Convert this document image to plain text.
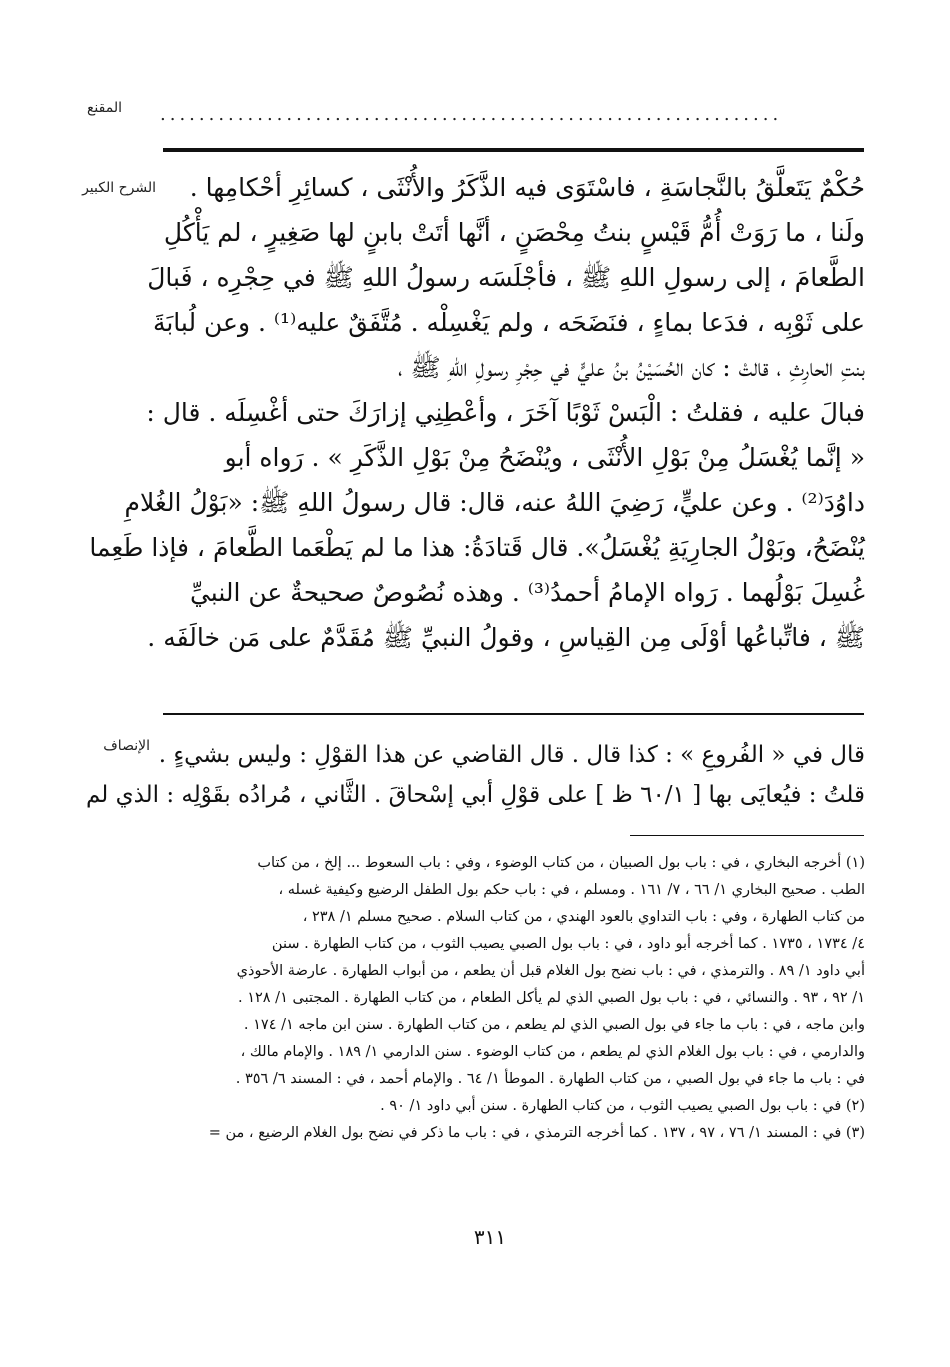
المقنع ................................................................
الشرح الكبير	حُكْمٌ يَتَعلَّقُ بالنَّجاسَةِ ، فاسْتَوَى فيه الذَّكَرُ والأُنْثَى ، كسائِرِ أحْكامِها .
ولَنا ، ما رَوَتْ أُمُّ قَيْسٍ بنتُ مِحْصَنٍ ، أنَّها أتَتْ بابنٍ لها صَغِيرٍ ، لم يَأْكُلِ
الطَّعامَ ، إلى رسولِ اللهِ ﷺ ، فأجْلَسَه رسولُ اللهِ ﷺ في حِجْرِه ، فَبالَ
على ثَوْبِه ، فدَعا بماءٍ ، فنَضَحَه ، ولم يَغْسِلْه . مُتَّفَقٌ عليه⁽¹⁾ . وعن لُبابَةَ
بنتِ الحارِثِ ، قالتْ : كان الحُسَيْنُ بنُ عليٍّ في حِجْرِ رسولِ اللهِ ﷺ ،
فبالَ عليه ، فقلتُ : الْبَسْ ثَوْبًا آخَرَ ، وأعْطِنِي إزارَكَ حتى أغْسِلَه . قال :
« إنَّما يُغْسَلُ مِنْ بَوْلِ الأُنْثَى ، ويُنْضَحُ مِنْ بَوْلِ الذَّكَرِ » . رَواه أبو
داوُدَ⁽²⁾ . وعن عليٍّ، رَضِيَ اللهُ عنه، قال: قال رسولُ اللهِ ﷺ: «بَوْلُ الغُلامِ
يُنْضَحُ، وبَوْلُ الجارِيَةِ يُغْسَلُ». قال قَتادَةُ: هذا ما لم يَطْعَما الطَّعامَ ، فإذا طَعِما
غُسِلَ بَوْلُهما . رَواه الإمامُ أحمدُ⁽³⁾ . وهذه نُصُوصٌ صحيحةٌ عن النبيِّ
ﷺ ، فاتِّباعُها أوْلَى مِن القِياسِ ، وقولُ النبيِّ ﷺ مُقَدَّمٌ على مَن خالَفَه .
الإنصاف قال في « الفُروعِ » : كذا قال . قال القاضي عن هذا القوْلِ : وليس بشيءٍ .
قلتُ : فيُعايَى بها [ ٦٠/١ ظ ] على قوْلِ أبي إسْحاقَ . الثَّاني ، مُرادُه بقَوْلِه : الذي لم
(١) أخرجه البخاري ، في : باب بول الصبيان ، من كتاب الوضوء ، وفي : باب السعوط ... إلخ ، من كتاب
الطب . صحيح البخاري ١/ ٦٦ ، ٧/ ١٦١ . ومسلم ، في : باب حكم بول الطفل الرضيع وكيفية غسله ،
من كتاب الطهارة ، وفي : باب التداوي بالعود الهندي ، من كتاب السلام . صحيح مسلم ١/ ٢٣٨ ،
٤/ ١٧٣٤ ، ١٧٣٥ . كما أخرجه أبو داود ، في : باب بول الصبي يصيب الثوب ، من كتاب الطهارة . سنن
أبي داود ١/ ٨٩ . والترمذي ، في : باب نضح بول الغلام قبل أن يطعم ، من أبواب الطهارة . عارضة الأحوذي
١/ ٩٢ ، ٩٣ . والنسائي ، في : باب بول الصبي الذي لم يأكل الطعام ، من كتاب الطهارة . المجتبى ١/ ١٢٨ .
وابن ماجه ، في : باب ما جاء في بول الصبي الذي لم يطعم ، من كتاب الطهارة . سنن ابن ماجه ١/ ١٧٤ .
والدارمي ، في : باب بول الغلام الذي لم يطعم ، من كتاب الوضوء . سنن الدارمي ١/ ١٨٩ . والإمام مالك ،
في : باب ما جاء في بول الصبي ، من كتاب الطهارة . الموطأ ١/ ٦٤ . والإمام أحمد ، في : المسند ٦/ ٣٥٦ .
(٢) في : باب بول الصبي يصيب الثوب ، من كتاب الطهارة . سنن أبي داود ١/ ٩٠ .
(٣) في : المسند ١/ ٧٦ ، ٩٧ ، ١٣٧ . كما أخرجه الترمذي ، في : باب ما ذكر في نضح بول الغلام الرضيع ، من =
٣١١
